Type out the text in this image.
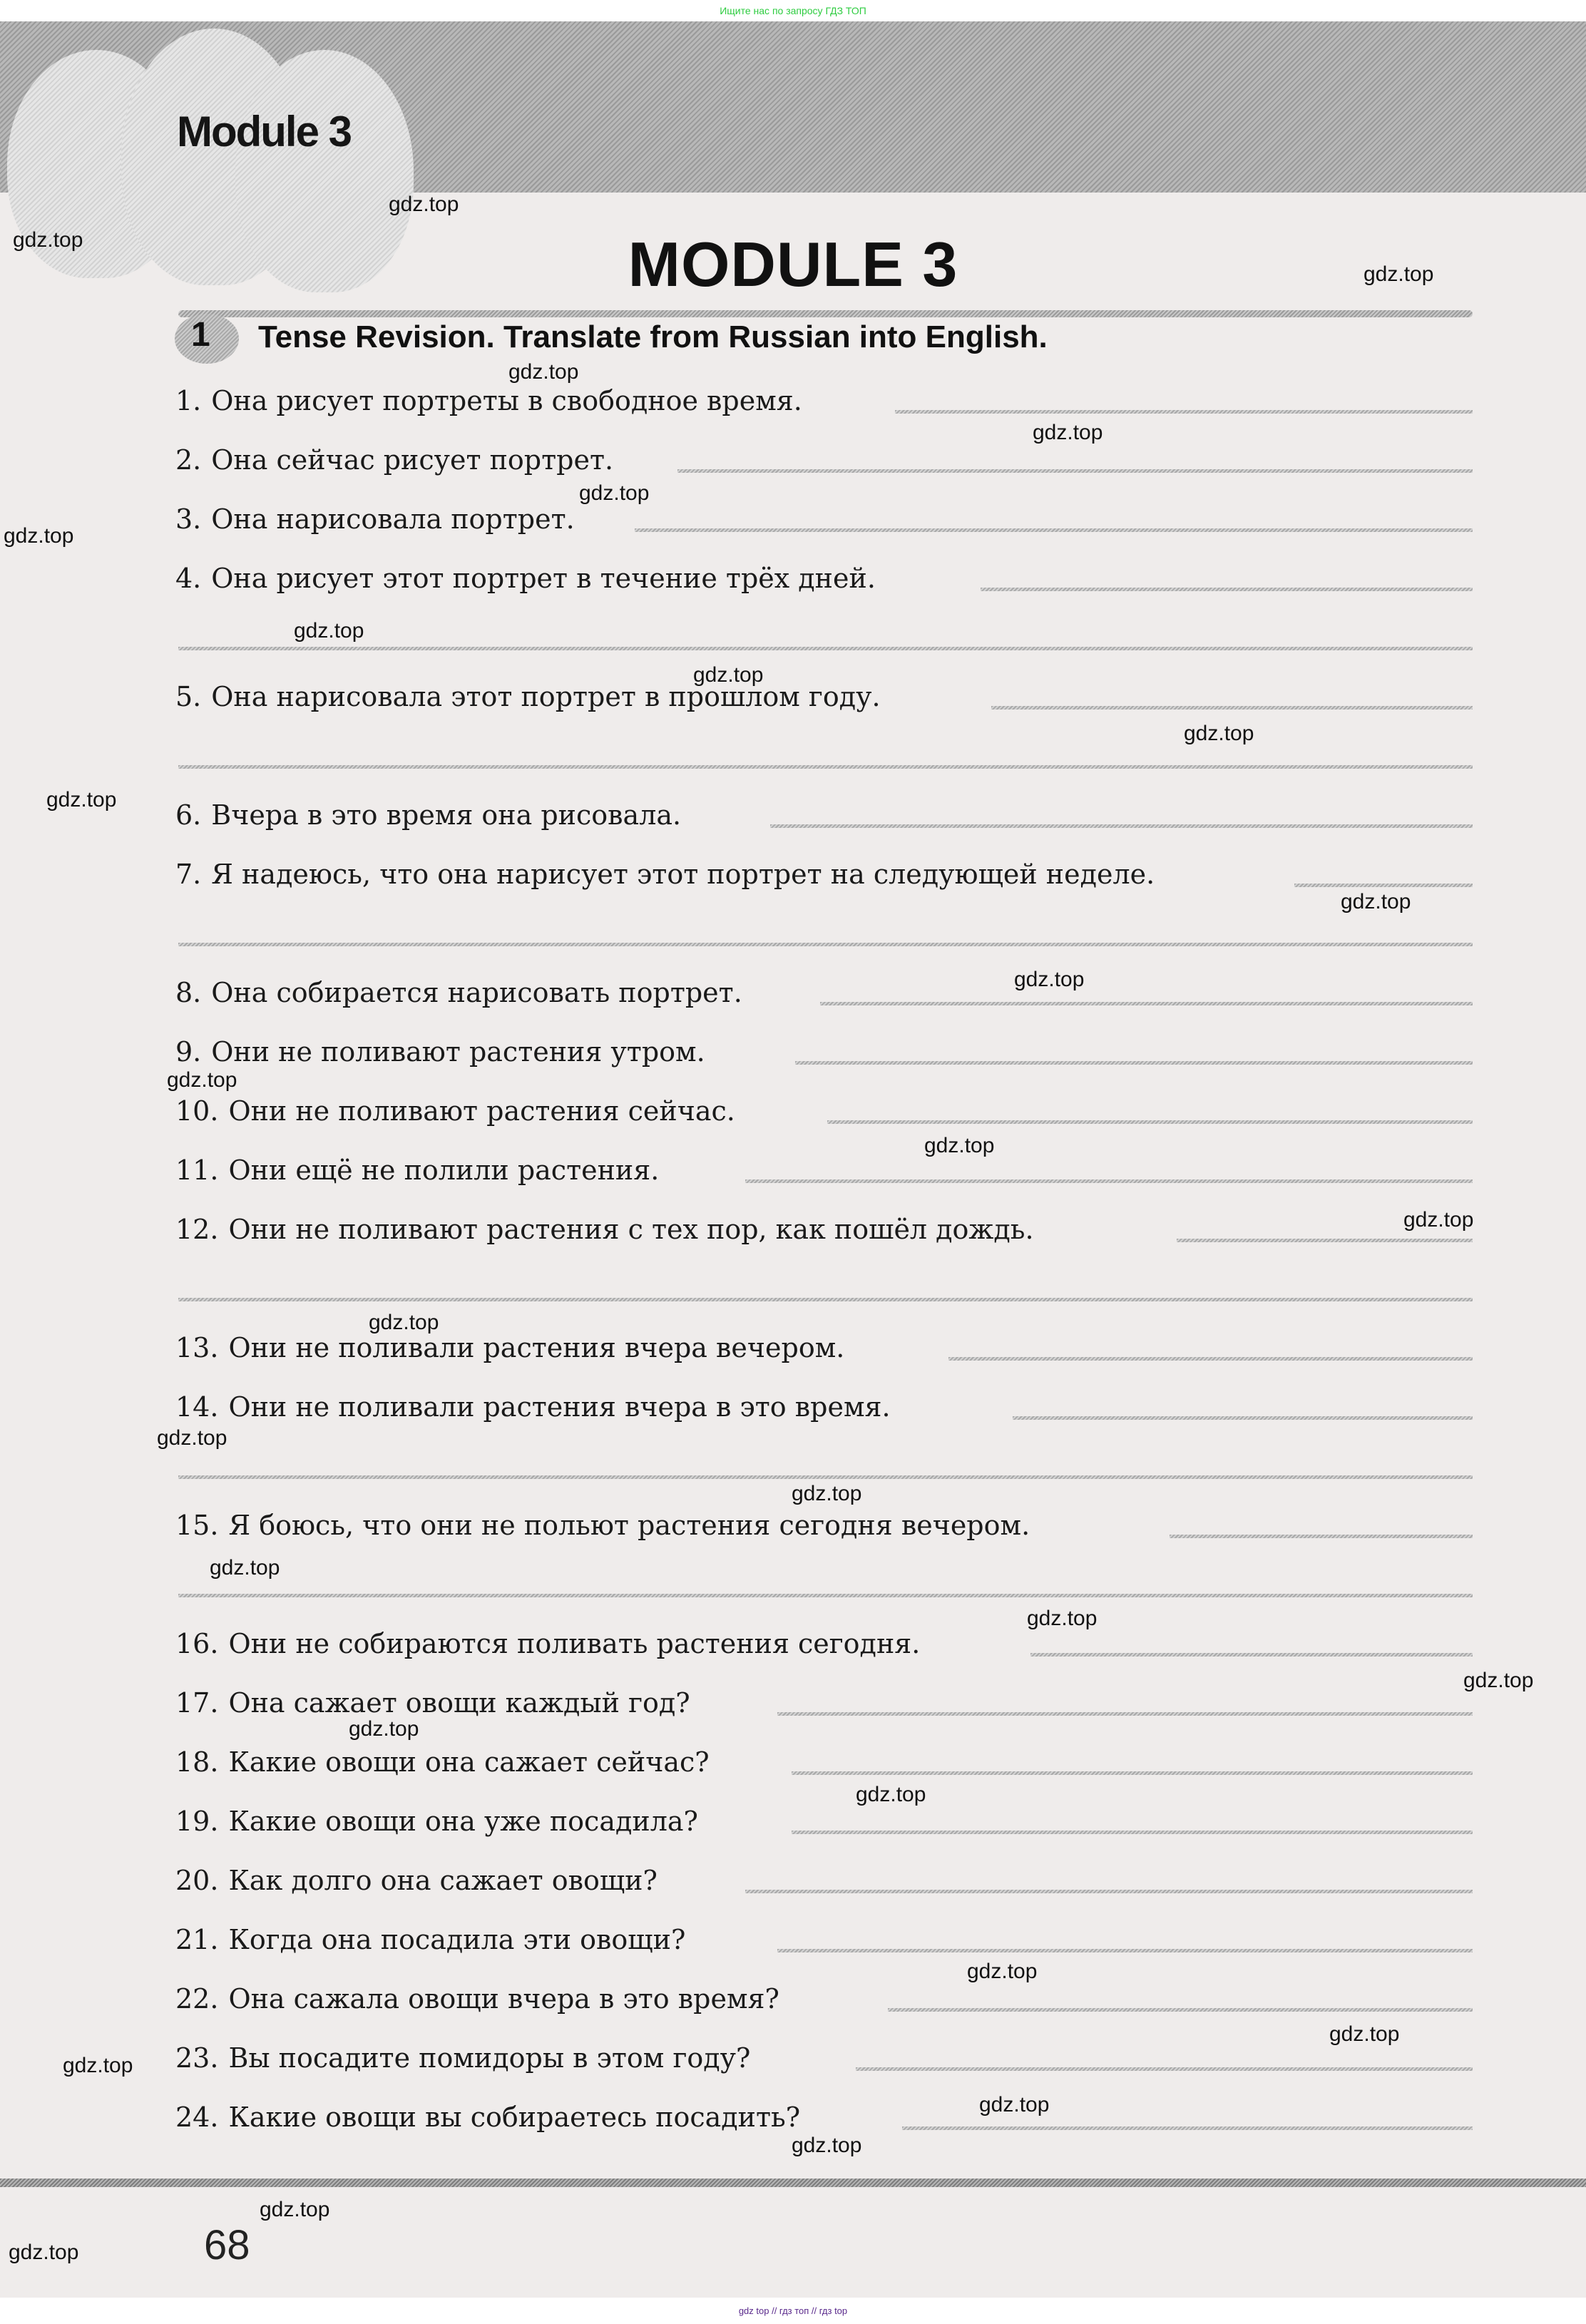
Ищите нас по запросу ГДЗ ТОП
Module 3
MODULE 3
1 Tense Revision. Translate from Russian into English.
1. Она рисует портреты в свободное время.
2. Она сейчас рисует портрет.
3. Она нарисовала портрет.
4. Она рисует этот портрет в течение трёх дней.
5. Она нарисовала этот портрет в прошлом году.
6. Вчера в это время она рисовала.
7. Я надеюсь, что она нарисует этот портрет на следующей неделе.
8. Она собирается нарисовать портрет.
9. Они не поливают растения утром.
10. Они не поливают растения сейчас.
11. Они ещё не полили растения.
12. Они не поливают растения с тех пор, как пошёл дождь.
13. Они не поливали растения вчера вечером.
14. Они не поливали растения вчера в это время.
15. Я боюсь, что они не польют растения сегодня вечером.
16. Они не собираются поливать растения сегодня.
17. Она сажает овощи каждый год?
18. Какие овощи она сажает сейчас?
19. Какие овощи она уже посадила?
20. Как долго она сажает овощи?
21. Когда она посадила эти овощи?
22. Она сажала овощи вчера в это время?
23. Вы посадите помидоры в этом году?
24. Какие овощи вы собираетесь посадить?
68
gdz.top
gdz.top
gdz.top
gdz.top
gdz.top
gdz.top
gdz.top
gdz.top
gdz.top
gdz.top
gdz.top
gdz.top
gdz.top
gdz.top
gdz.top
gdz.top
gdz.top
gdz.top
gdz.top
gdz.top
gdz.top
gdz.top
gdz.top
gdz.top
gdz.top
gdz.top
gdz.top
gdz.top
gdz.top
gdz.top
gdz.top
gdz top // гдз топ // гдз top
